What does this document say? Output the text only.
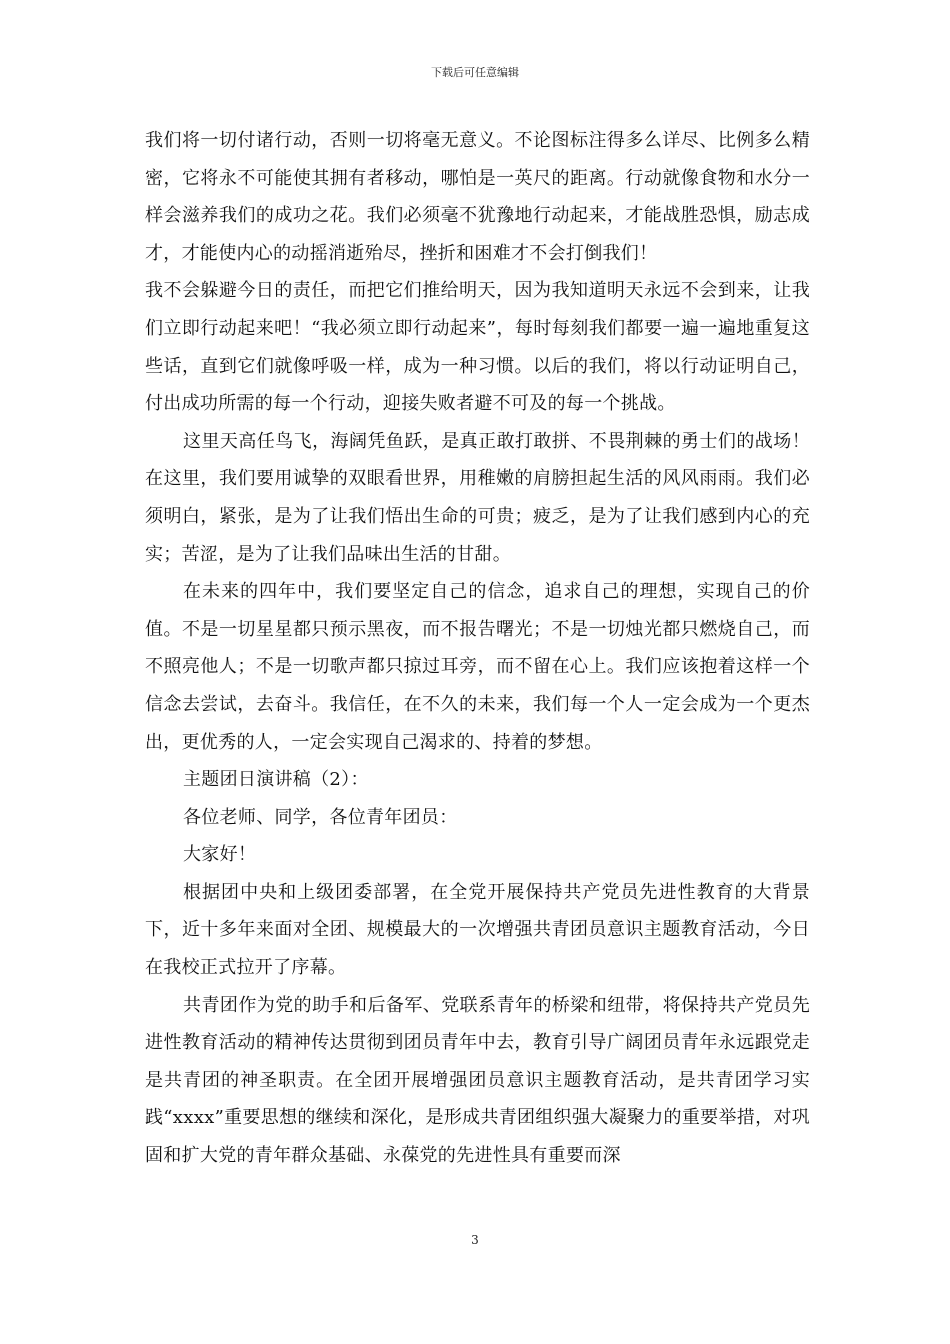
下载后可任意编辑

我们将一切付诸行动，否则一切将毫无意义。不论图标注得多么详尽、比例多么精密，它将永不可能使其拥有者移动，哪怕是一英尺的距离。行动就像食物和水分一样会滋养我们的成功之花。我们必须毫不犹豫地行动起来，才能战胜恐惧，励志成才，才能使内心的动摇消逝殆尽，挫折和困难才不会打倒我们！

我不会躲避今日的责任，而把它们推给明天，因为我知道明天永远不会到来，让我们立即行动起来吧！“我必须立即行动起来”，每时每刻我们都要一遍一遍地重复这些话，直到它们就像呼吸一样，成为一种习惯。以后的我们，将以行动证明自己，付出成功所需的每一个行动，迎接失败者避不可及的每一个挑战。

这里天高任鸟飞，海阔凭鱼跃，是真正敢打敢拼、不畏荆棘的勇士们的战场！在这里，我们要用诚挚的双眼看世界，用稚嫩的肩膀担起生活的风风雨雨。我们必须明白，紧张，是为了让我们悟出生命的可贵；疲乏，是为了让我们感到内心的充实；苦涩，是为了让我们品味出生活的甘甜。

在未来的四年中，我们要坚定自己的信念，追求自己的理想，实现自己的价值。不是一切星星都只预示黑夜，而不报告曙光；不是一切烛光都只燃烧自己，而不照亮他人；不是一切歌声都只掠过耳旁，而不留在心上。我们应该抱着这样一个信念去尝试，去奋斗。我信任，在不久的未来，我们每一个人一定会成为一个更杰出，更优秀的人，一定会实现自己渴求的、持着的梦想。

主题团日演讲稿（2）：

各位老师、同学，各位青年团员：

大家好！

根据团中央和上级团委部署，在全党开展保持共产党员先进性教育的大背景下，近十多年来面对全团、规模最大的一次增强共青团员意识主题教育活动，今日在我校正式拉开了序幕。

共青团作为党的助手和后备军、党联系青年的桥梁和纽带，将保持共产党员先进性教育活动的精神传达贯彻到团员青年中去，教育引导广阔团员青年永远跟党走是共青团的神圣职责。在全团开展增强团员意识主题教育活动，是共青团学习实践“xxxx”重要思想的继续和深化，是形成共青团组织强大凝聚力的重要举措，对巩固和扩大党的青年群众基础、永葆党的先进性具有重要而深

3
